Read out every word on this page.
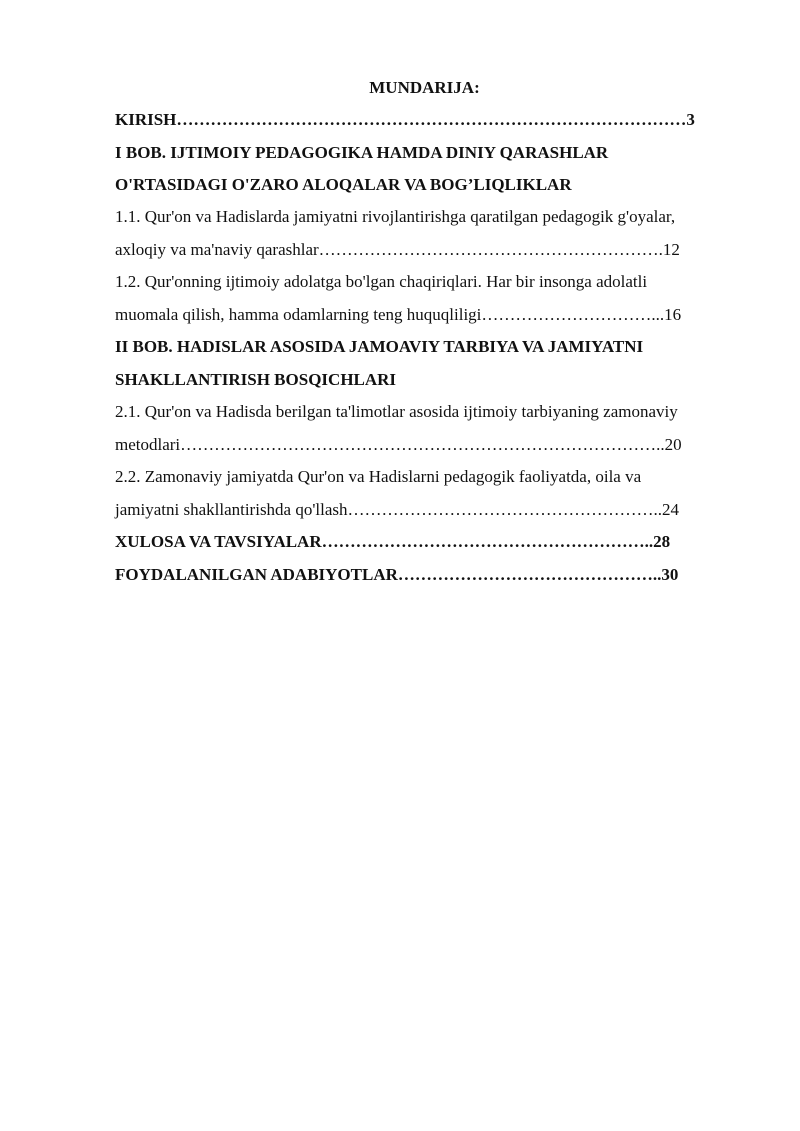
MUNDARIJA:
KIRISH………………………………………………………………………………3
I BOB. IJTIMOIY PEDAGOGIKA HAMDA DINIY QARASHLAR
O'RTASIDAGI O'ZARO ALOQALAR VA BOG’LIQLIKLAR
1.1. Qur'on va Hadislarda jamiyatni rivojlantirishga qaratilgan pedagogik g'oyalar,
axloqiy va ma'naviy qarashlar…………………………………………………….12
1.2. Qur'onning ijtimoiy adolatga bo'lgan chaqiriqlari. Har bir insonga adolatli
muomala qilish, hamma odamlarning teng huquqliligi…………………………...16
II BOB. HADISLAR ASOSIDA JAMOAVIY TARBIYA VA JAMIYATNI
SHAKLLANTIRISH BOSQICHLARI
2.1. Qur'on va Hadisda berilgan ta'limotlar asosida ijtimoiy tarbiyaning zamonaviy
metodlari…………………………………………………………………………..20
2.2. Zamonaviy jamiyatda Qur'on va Hadislarni pedagogik faoliyatda, oila va
jamiyatni shakllantirishda qo'llash………………………………………………..24
XULOSA VA TAVSIYALAR…………………………………………………..28
FOYDALANILGAN ADABIYOTLAR………………………………………..30
